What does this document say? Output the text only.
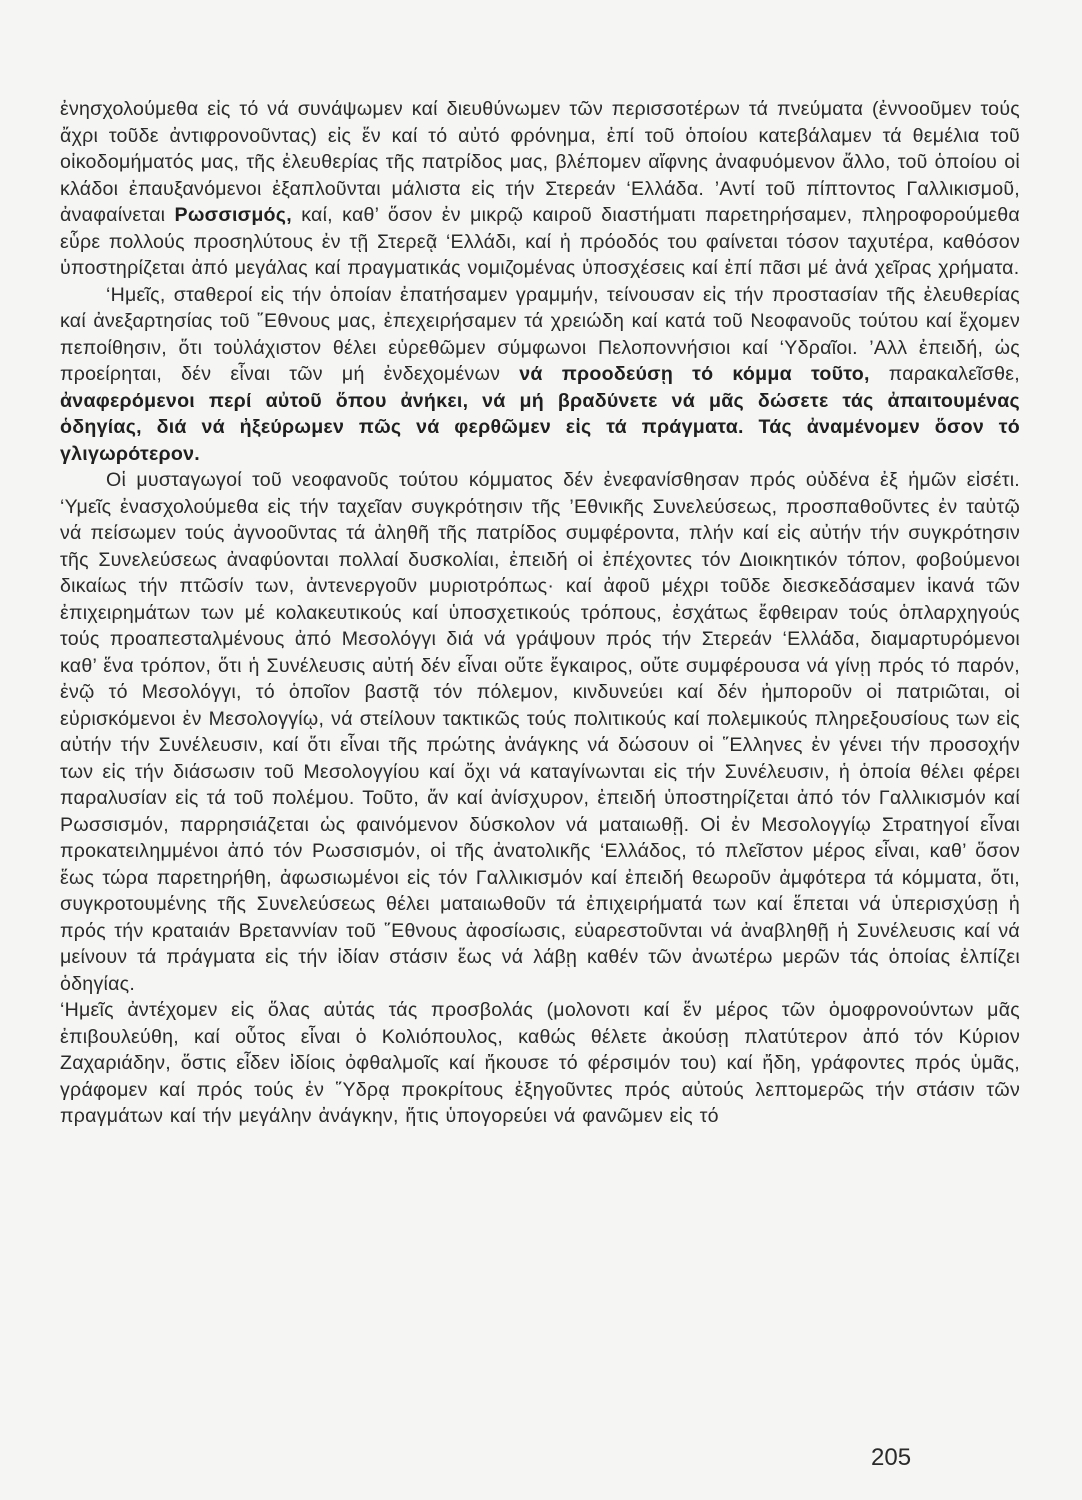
ἐνησχολούμεθα εἰς τό νά συνάψωμεν καί διευθύνωμεν τῶν περισσοτέρων τά πνεύματα (ἐννοοῦμεν τούς ἄχρι τοῦδε ἀντιφρονοῦντας) εἰς ἕν καί τό αὐτό φρόνημα, ἐπί τοῦ ὁποίου κατεβάλαμεν τά θεμέλια τοῦ οἰκοδομήματός μας, τῆς ἐλευθερίας τῆς πατρίδος μας, βλέπομεν αἴφνης ἀναφυόμενον ἄλλο, τοῦ ὁποίου οἱ κλάδοι ἐπαυξανόμενοι ἐξαπλοῦνται μάλιστα εἰς τήν Στερεάν ‘Ελλάδα. ’Αντί τοῦ πίπτοντος Γαλλικισμοῦ, ἀναφαίνεται Ρωσσισμός, καί, καθ’ ὅσον ἐν μικρῷ καιροῦ διαστήματι παρετηρήσαμεν, πληροφορούμεθα εὗρε πολλούς προσηλύτους ἐν τῇ Στερεᾷ ‘Ελλάδι, καί ἡ πρόοδός του φαίνεται τόσον ταχυτέρα, καθόσον ὑποστηρίζεται ἀπό μεγάλας καί πραγματικάς νομιζομένας ὑποσχέσεις καί ἐπί πᾶσι μέ ἀνά χεῖρας χρήματα.

‘Ημεῖς, σταθεροί εἰς τήν ὁποίαν ἐπατήσαμεν γραμμήν, τείνουσαν εἰς τήν προστασίαν τῆς ἐλευθερίας καί ἀνεξαρτησίας τοῦ ῞Εθνους μας, ἐπεχειρήσαμεν τά χρειώδη καί κατά τοῦ Νεοφανοῦς τούτου καί ἔχομεν πεποίθησιν, ὅτι τοὐλάχιστον θέλει εὑρεθῶμεν σύμφωνοι Πελοποννήσιοι καί ‘Υδραῖοι. ’Αλλ ἐπειδή, ὡς προείρηται, δέν εἶναι τῶν μή ἐνδεχομένων νά προοδεύσῃ τό κόμμα τοῦτο, παρακαλεῖσθε, ἀναφερόμενοι περί αὐτοῦ ὅπου ἀνήκει, νά μή βραδύνετε νά μᾶς δώσετε τάς ἀπαιτουμένας ὁδηγίας, διά νά ἠξεύρωμεν πῶς νά φερθῶμεν εἰς τά πράγματα. Τάς ἀναμένομεν ὅσον τό γλιγωρότερον.

Οἱ μυσταγωγοί τοῦ νεοφανοῦς τούτου κόμματος δέν ἐνεφανίσθησαν πρός οὐδένα ἐξ ἡμῶν εἰσέτι. ‘Υμεῖς ἐνασχολούμεθα εἰς τήν ταχεῖαν συγκρότησιν τῆς ’Εθνικῆς Συνελεύσεως, προσπαθοῦντες ἐν ταὐτῷ νά πείσωμεν τούς ἀγνοοῦντας τά ἀληθῆ τῆς πατρίδος συμφέροντα, πλήν καί εἰς αὐτήν τήν συγκρότησιν τῆς Συνελεύσεως ἀναφύονται πολλαί δυσκολίαι, ἐπειδή οἱ ἐπέχοντες τόν Διοικητικόν τόπον, φοβούμενοι δικαίως τήν πτῶσίν των, ἀντενεργοῦν μυριοτρόπως· καί ἀφοῦ μέχρι τοῦδε διεσκεδάσαμεν ἱκανά τῶν ἐπιχειρημάτων των μέ κολακευτικούς καί ὑποσχετικούς τρόπους, ἐσχάτως ἔφθειραν τούς ὁπλαρχηγούς τούς προαπεσταλμένους ἀπό Μεσολόγγι διά νά γράψουν πρός τήν Στερεάν ‘Ελλάδα, διαμαρτυρόμενοι καθ’ ἕνα τρόπον, ὅτι ἡ Συνέλευσις αὐτή δέν εἶναι οὔτε ἔγκαιρος, οὔτε συμφέρουσα νά γίνῃ πρός τό παρόν, ἐνῷ τό Μεσολόγγι, τό ὁποῖον βαστᾷ τόν πόλεμον, κινδυνεύει καί δέν ἠμποροῦν οἱ πατριῶται, οἱ εὑρισκόμενοι ἐν Μεσολογγίῳ, νά στείλουν τακτικῶς τούς πολιτικούς καί πολεμικούς πληρεξουσίους των εἰς αὐτήν τήν Συνέλευσιν, καί ὅτι εἶναι τῆς πρώτης ἀνάγκης νά δώσουν οἱ ῞Ελληνες ἐν γένει τήν προσοχήν των εἰς τήν διάσωσιν τοῦ Μεσολογγίου καί ὄχι νά καταγίνωνται εἰς τήν Συνέλευσιν, ἡ ὁποία θέλει φέρει παραλυσίαν εἰς τά τοῦ πολέμου. Τοῦτο, ἄν καί ἀνίσχυρον, ἐπειδή ὑποστηρίζεται ἀπό τόν Γαλλικισμόν καί Ρωσσισμόν, παρρησιάζεται ὡς φαινόμενον δύσκολον νά ματαιωθῇ. Οἱ ἐν Μεσολογγίῳ Στρατηγοί εἶναι προκατειλημμένοι ἀπό τόν Ρωσσισμόν, οἱ τῆς ἀνατολικῆς ‘Ελλάδος, τό πλεῖστον μέρος εἶναι, καθ’ ὅσον ἕως τώρα παρετηρήθη, ἀφωσιωμένοι εἰς τόν Γαλλικισμόν καί ἐπειδή θεωροῦν ἀμφότερα τά κόμματα, ὅτι, συγκροτουμένης τῆς Συνελεύσεως θέλει ματαιωθοῦν τά ἐπιχειρήματά των καί ἕπεται νά ὑπερισχύσῃ ἡ πρός τήν κραταιάν Βρεταννίαν τοῦ ῞Εθνους ἀφοσίωσις, εὐαρεστοῦνται νά ἀναβληθῇ ἡ Συνέλευσις καί νά μείνουν τά πράγματα εἰς τήν ἰδίαν στάσιν ἕως νά λάβῃ καθέν τῶν ἀνωτέρω μερῶν τάς ὁποίας ἐλπίζει ὁδηγίας.

‘Ημεῖς ἀντέχομεν εἰς ὅλας αὐτάς τάς προσβολάς (μολονοτι καί ἕν μέρος τῶν ὁμοφρονούντων μᾶς ἐπιβουλεύθη, καί οὗτος εἶναι ὁ Κολιόπουλος, καθώς θέλετε ἀκούσῃ πλατύτερον ἀπό τόν Κύριον Ζαχαριάδην, ὅστις εἶδεν ἰδίοις ὀφθαλμοῖς καί ἤκουσε τό φέρσιμόν του) καί ἤδη, γράφοντες πρός ὑμᾶς, γράφομεν καί πρός τούς ἐν ῞Υδρᾳ προκρίτους ἐξηγοῦντες πρός αὐτούς λεπτομερῶς τήν στάσιν τῶν πραγμάτων καί τήν μεγάλην ἀνάγκην, ἥτις ὑπογορεύει νά φανῶμεν εἰς τό

205
